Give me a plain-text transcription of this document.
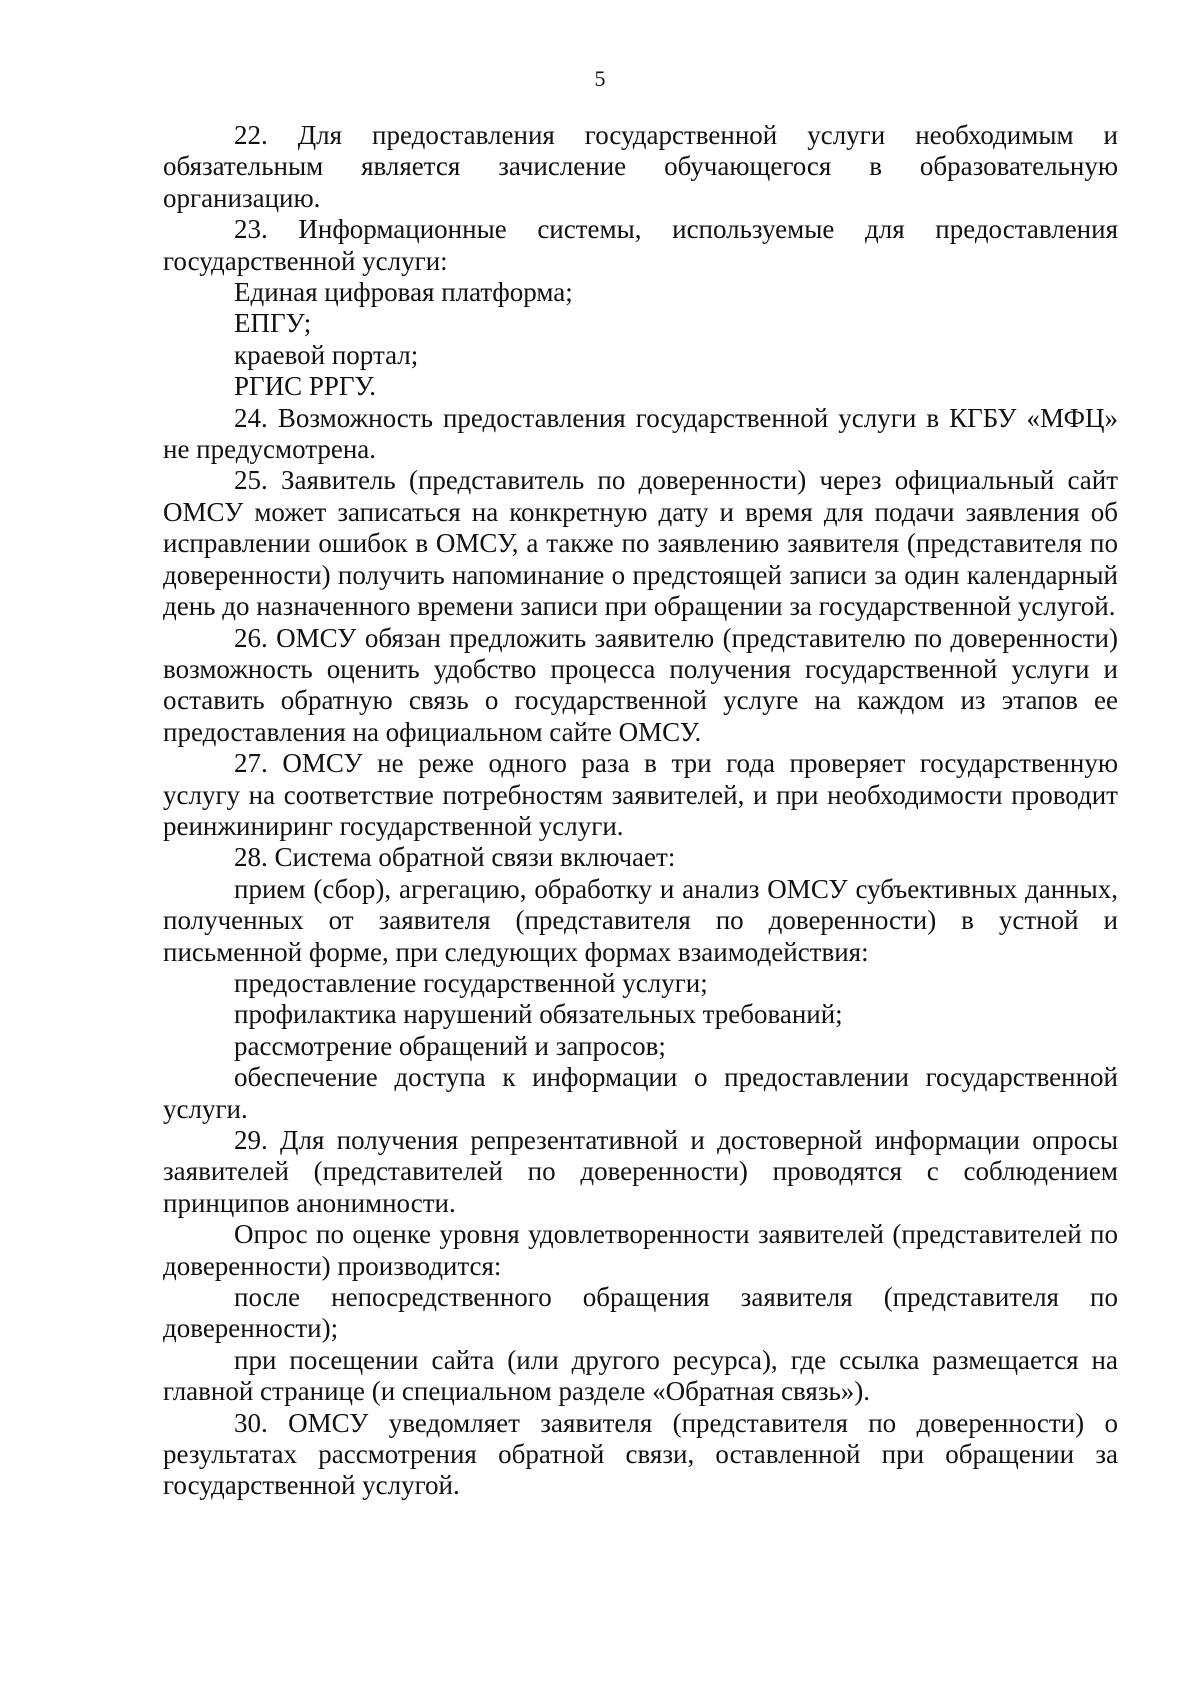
5

22. Для предоставления государственной услуги необходимым и обязательным является зачисление обучающегося в образовательную организацию.

23. Информационные системы, используемые для предоставления государственной услуги:

Единая цифровая платформа;

ЕПГУ;

краевой портал;

РГИС РРГУ.

24. Возможность предоставления государственной услуги в КГБУ «МФЦ» не предусмотрена.

25. Заявитель (представитель по доверенности) через официальный сайт ОМСУ может записаться на конкретную дату и время для подачи заявления об исправлении ошибок в ОМСУ, а также по заявлению заявителя (представителя по доверенности) получить напоминание о предстоящей записи за один календарный день до назначенного времени записи при обращении за государственной услугой.

26. ОМСУ обязан предложить заявителю (представителю по доверенности) возможность оценить удобство процесса получения государственной услуги и оставить обратную связь о государственной услуге на каждом из этапов ее предоставления на официальном сайте ОМСУ.

27. ОМСУ не реже одного раза в три года проверяет государственную услугу на соответствие потребностям заявителей, и при необходимости проводит реинжиниринг государственной услуги.

28. Система обратной связи включает:

прием (сбор), агрегацию, обработку и анализ ОМСУ субъективных данных, полученных от заявителя (представителя по доверенности) в устной и письменной форме, при следующих формах взаимодействия:

предоставление государственной услуги;

профилактика нарушений обязательных требований;

рассмотрение обращений и запросов;

обеспечение доступа к информации о предоставлении государственной услуги.

29. Для получения репрезентативной и достоверной информации опросы заявителей (представителей по доверенности) проводятся с соблюдением принципов анонимности.

Опрос по оценке уровня удовлетворенности заявителей (представителей по доверенности) производится:

после непосредственного обращения заявителя (представителя по доверенности);

при посещении сайта (или другого ресурса), где ссылка размещается на главной странице (и специальном разделе «Обратная связь»).

30. ОМСУ уведомляет заявителя (представителя по доверенности) о результатах рассмотрения обратной связи, оставленной при обращении за государственной услугой.
